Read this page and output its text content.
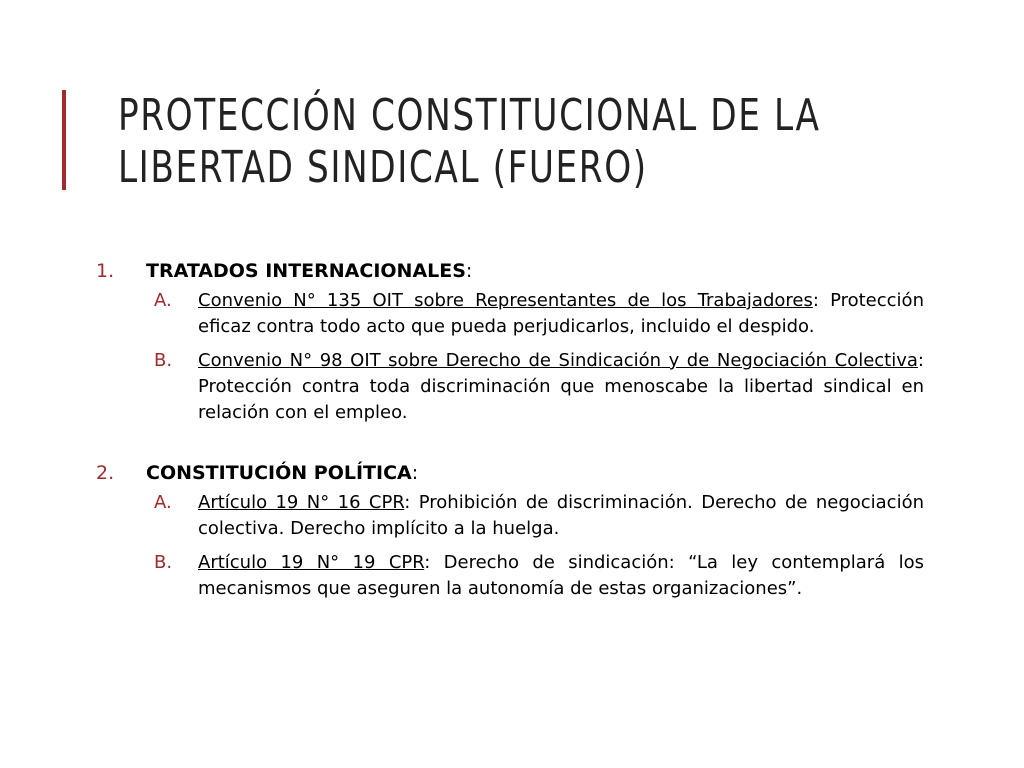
PROTECCIÓN CONSTITUCIONAL DE LA
LIBERTAD SINDICAL (FUERO)
1.	TRATADOS INTERNACIONALES:
A.	Convenio N° 135 OIT sobre Representantes de los Trabajadores: Protección eficaz contra todo acto que pueda perjudicarlos, incluido el despido.
B.	Convenio N° 98 OIT sobre Derecho de Sindicación y de Negociación Colectiva: Protección contra toda discriminación que menoscabe la libertad sindical en relación con el empleo.
2.	CONSTITUCIÓN POLÍTICA:
A.	Artículo 19 N° 16 CPR: Prohibición de discriminación. Derecho de negociación colectiva. Derecho implícito a la huelga.
B.	Artículo 19 N° 19 CPR: Derecho de sindicación: “La ley contemplará los mecanismos que aseguren la autonomía de estas organizaciones”.
